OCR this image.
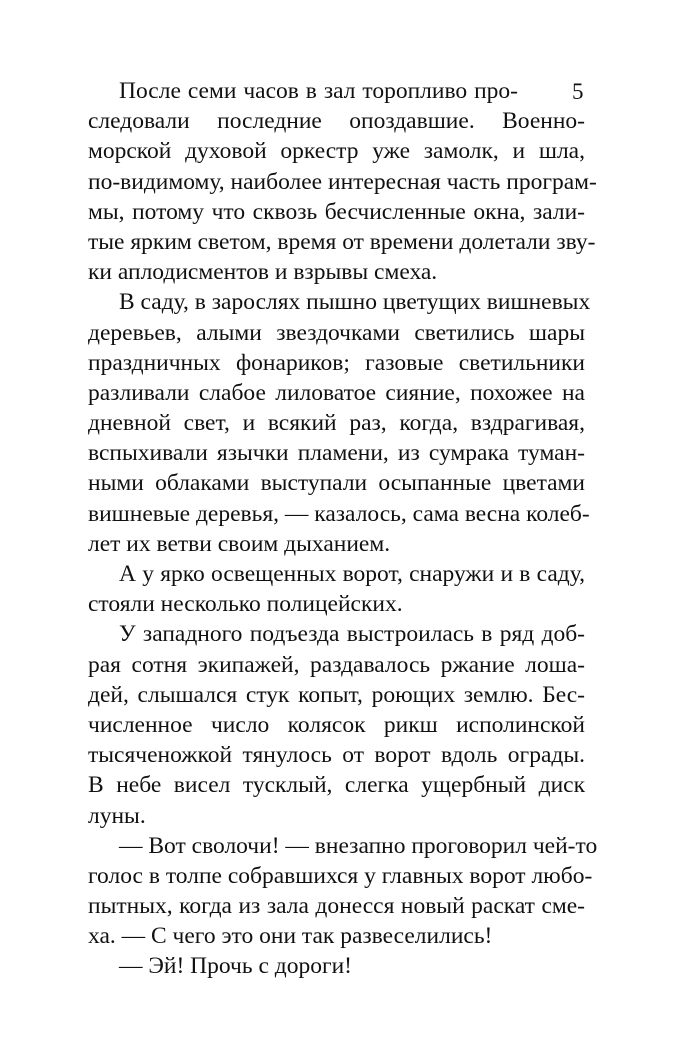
5
После семи часов в зал торопливо про-
следовали последние опоздавшие. Военно-
морской духовой оркестр уже замолк, и шла,
по-видимому, наиболее интересная часть програм-
мы, потому что сквозь бесчисленные окна, зали-
тые ярким светом, время от времени долетали зву-
ки аплодисментов и взрывы смеха.
В саду, в зарослях пышно цветущих вишневых
деревьев, алыми звездочками светились шары
праздничных фонариков; газовые светильники
разливали слабое лиловатое сияние, похожее на
дневной свет, и всякий раз, когда, вздрагивая,
вспыхивали язычки пламени, из сумрака туман-
ными облаками выступали осыпанные цветами
вишневые деревья, — казалось, сама весна колеб-
лет их ветви своим дыханием.
А у ярко освещенных ворот, снаружи и в саду,
стояли несколько полицейских.
У западного подъезда выстроилась в ряд доб-
рая сотня экипажей, раздавалось ржание лоша-
дей, слышался стук копыт, роющих землю. Бес-
численное число колясок рикш исполинской
тысяченожкой тянулось от ворот вдоль ограды.
В небе висел тусклый, слегка ущербный диск
луны.
— Вот сволочи! — внезапно проговорил чей-то
голос в толпе собравшихся у главных ворот любо-
пытных, когда из зала донесся новый раскат сме-
ха. — С чего это они так развеселились!
— Эй! Прочь с дороги!
